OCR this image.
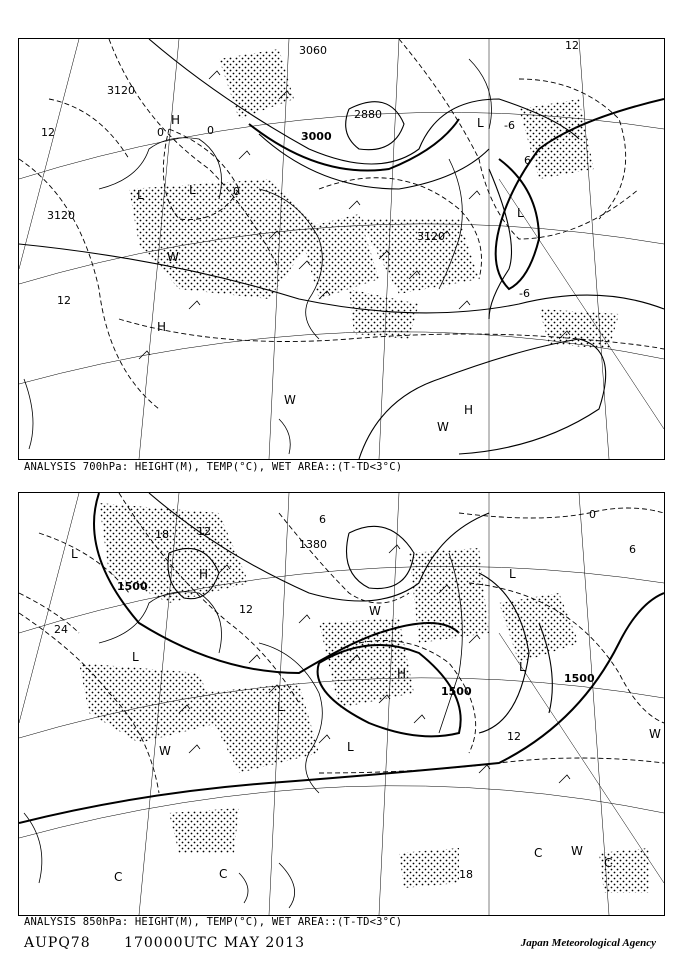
3120
3120
3000
2880
3120
3060
12
12
12
6
0
-6
0	-6
0
H
L	L
L
H
H
W
W
W
L
ANALYSIS 700hPa: HEIGHT(M), TEMP(°C), WET AREA::(T-TD<3°C)
1500
1500
1500
1380
18	12
24
12
18
6
0
12
6
H
L
L
H
L
L
L
W
W
W
W
C	C
C
C
L
ANALYSIS 850hPa: HEIGHT(M), TEMP(°C), WET AREA::(T-TD<3°C)
AUPQ78 170000UTC MAY 2013	Japan Meteorological Agency
